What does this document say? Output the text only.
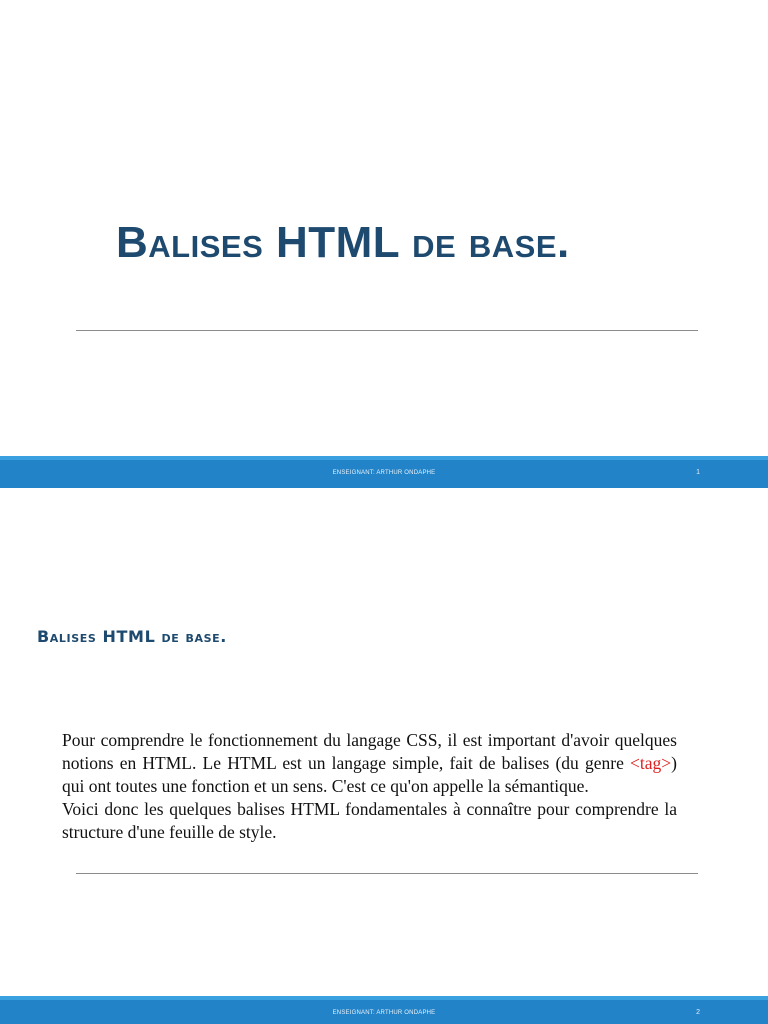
Balises HTML de base.
ENSEIGNANT: ARTHUR ONDAPHE	1
Balises HTML de base.

Pour comprendre le fonctionnement du langage CSS, il est important d'avoir quelques notions en HTML. Le HTML est un langage simple, fait de balises (du genre <tag>) qui ont toutes une fonction et un sens. C'est ce qu'on appelle la sémantique.

Voici donc les quelques balises HTML fondamentales à connaître pour comprendre la structure d'une feuille de style.

ENSEIGNANT: ARTHUR ONDAPHE	2
